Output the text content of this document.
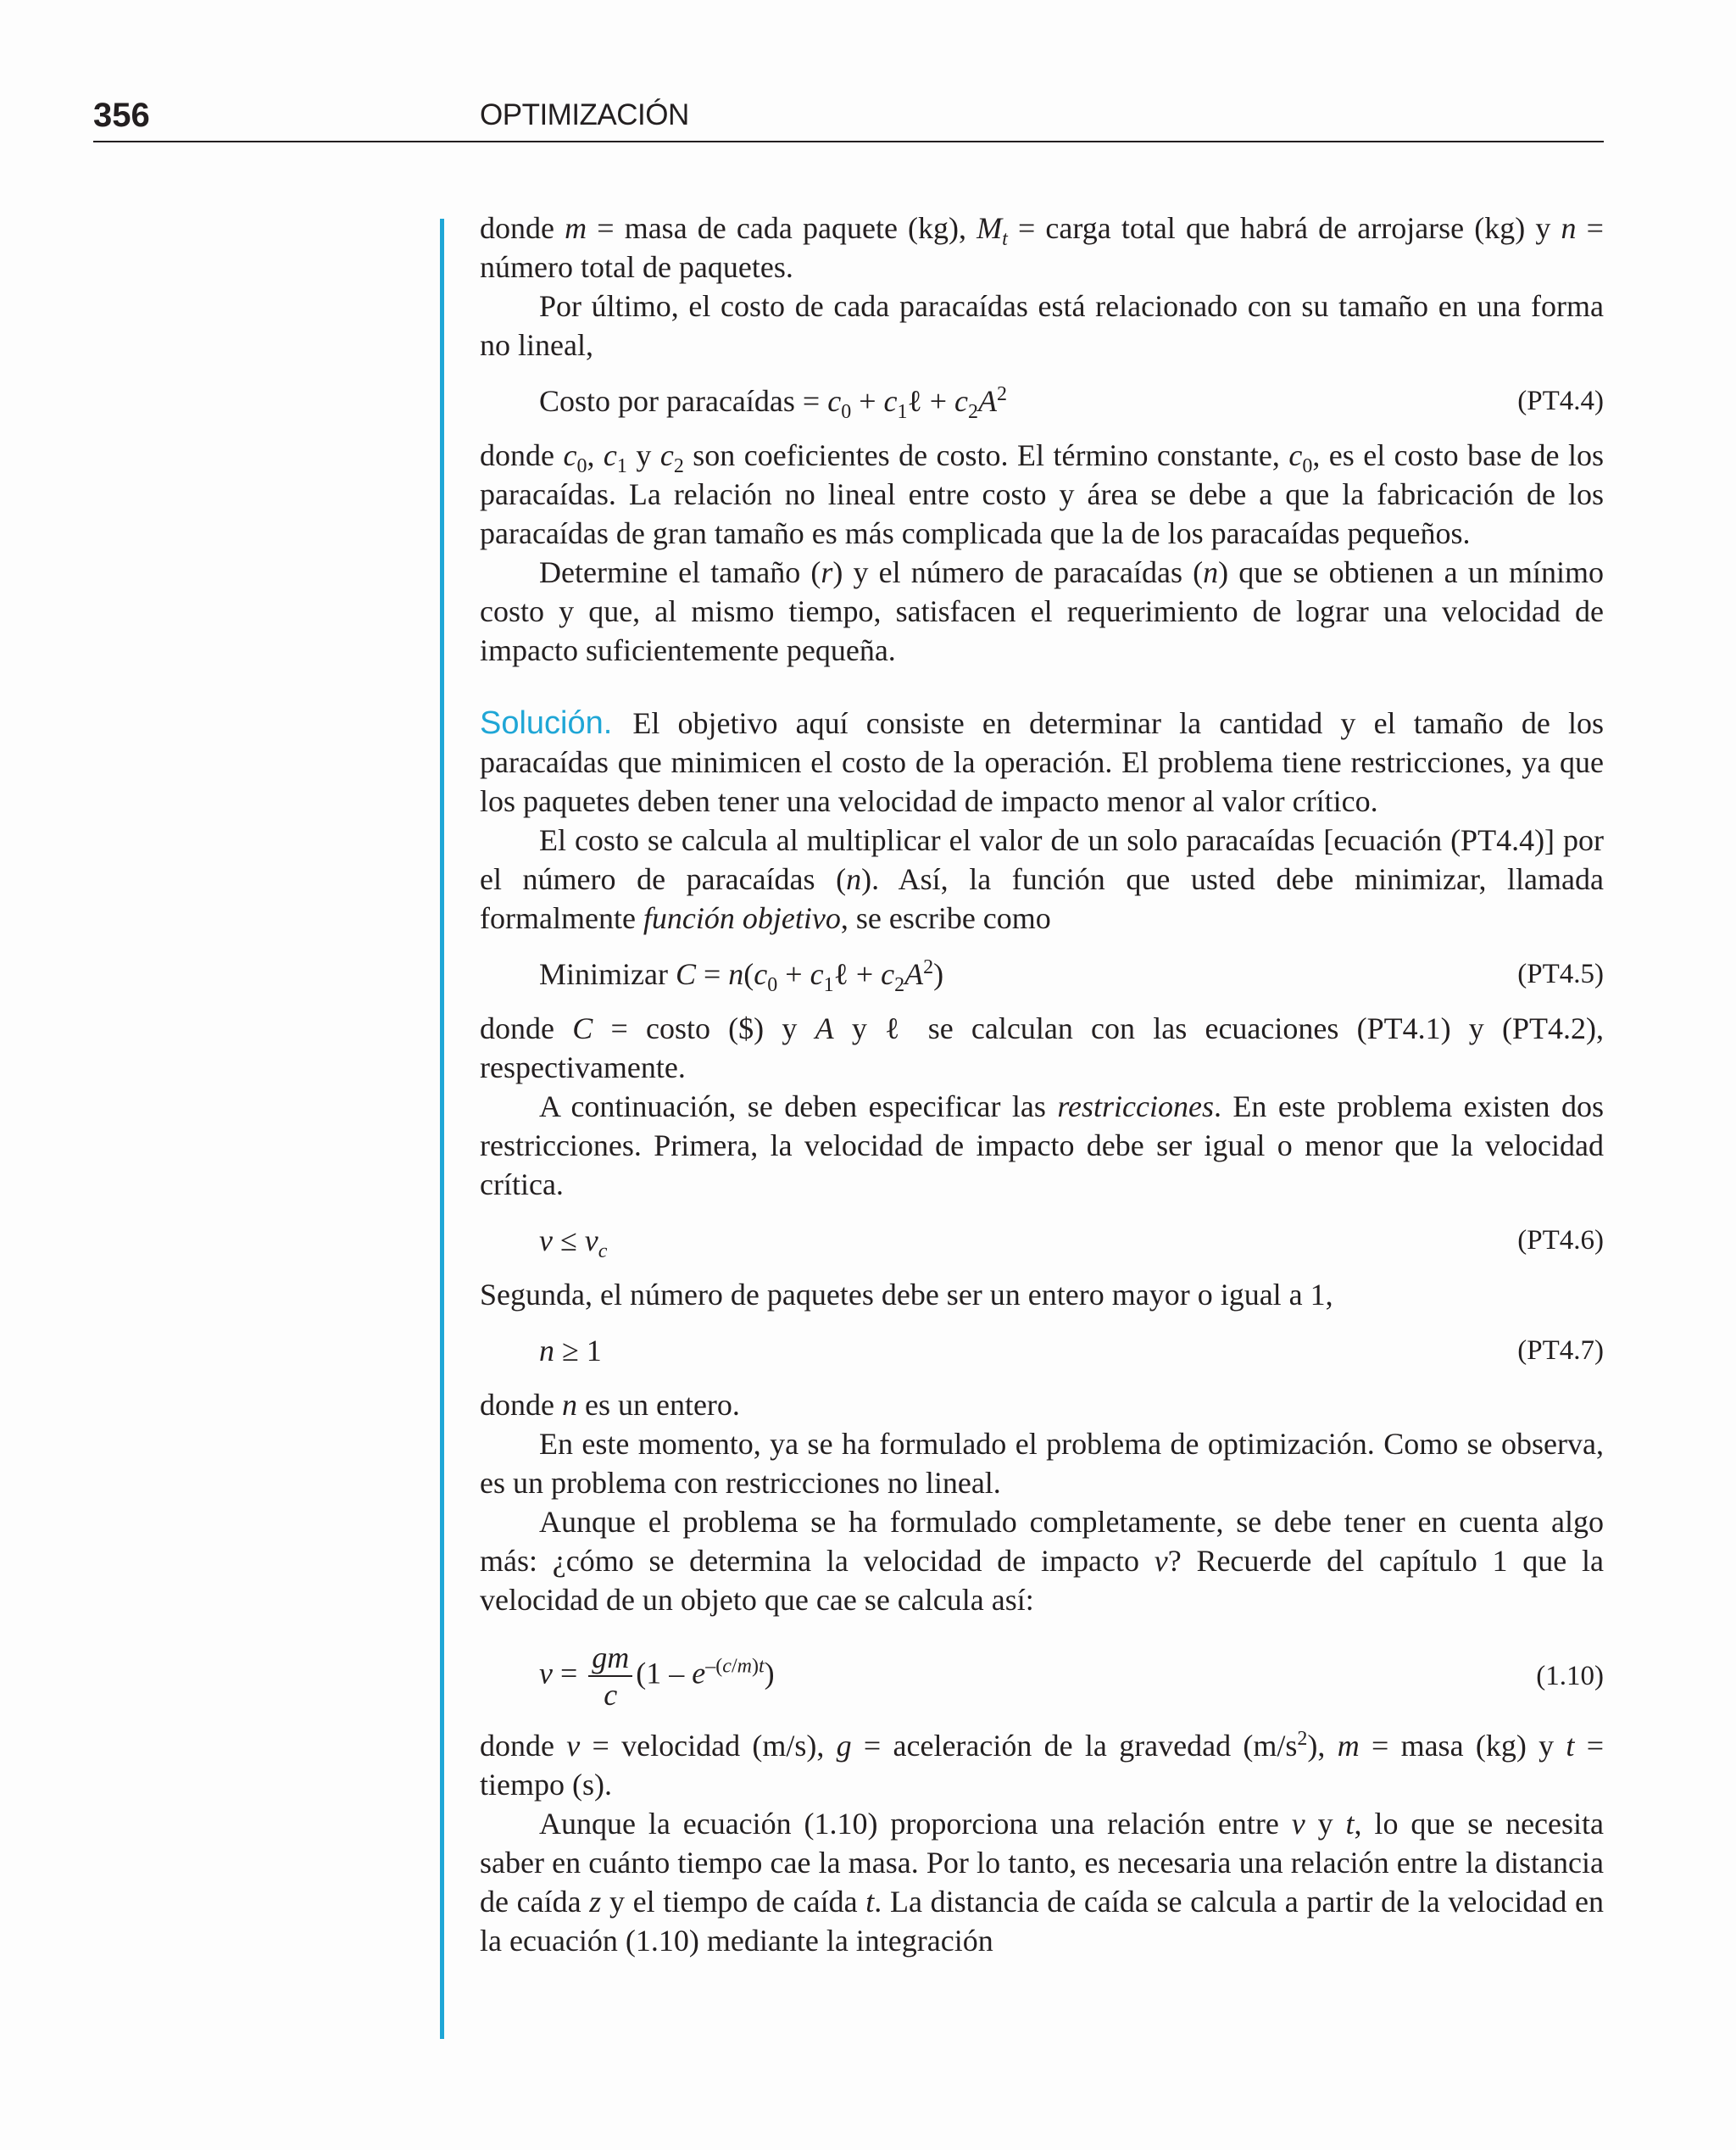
356	OPTIMIZACIÓN

donde m = masa de cada paquete (kg), $M_t$ = carga total que habrá de arrojarse (kg) y n = número total de paquetes.

Por último, el costo de cada paracaídas está relacionado con su tamaño en una forma no lineal,

Costo por paracaídas = $c_0$ + $c_1\ell + c_2A^2$	(PT4.4)

donde $c_0$, $c_1$ y $c_2$ son coeficientes de costo. El término constante, $c_0$, es el costo base de los paracaídas. La relación no lineal entre costo y área se debe a que la fabricación de los paracaídas de gran tamaño es más complicada que la de los paracaídas pequeños.

Determine el tamaño (r) y el número de paracaídas (n) que se obtienen a un mínimo costo y que, al mismo tiempo, satisfacen el requerimiento de lograr una velocidad de impacto suficientemente pequeña.

Solución. El objetivo aquí consiste en determinar la cantidad y el tamaño de los paracaídas que minimicen el costo de la operación. El problema tiene restricciones, ya que los paquetes deben tener una velocidad de impacto menor al valor crítico.

El costo se calcula al multiplicar el valor de un solo paracaídas [ecuación (PT4.4)] por el número de paracaídas (n). Así, la función que usted debe minimizar, llamada formalmente función objetivo, se escribe como

Minimizar $C = n(c_0$ + $c_1\ell + c_2A^2$)	(PT4.5)

donde C = costo ($) y A y ℓ se calculan con las ecuaciones (PT4.1) y (PT4.2), respectivamente.

A continuación, se deben especificar las restricciones. En este problema existen dos restricciones. Primera, la velocidad de impacto debe ser igual o menor que la velocidad crítica.

$v \le v_c$	(PT4.6)

Segunda, el número de paquetes debe ser un entero mayor o igual a 1,

n ≥ 1	(PT4.7)

donde n es un entero.

En este momento, ya se ha formulado el problema de optimización. Como se observa, es un problema con restricciones no lineal.

Aunque el problema se ha formulado completamente, se debe tener en cuenta algo más: ¿cómo se determina la velocidad de impacto v? Recuerde del capítulo 1 que la velocidad de un objeto que cae se calcula así:

$v = \frac{gm}{c} (1 - e^{-(c/m)t})$	(1.10)

donde v = velocidad (m/s), g = aceleración de la gravedad $(m/s^2)$, m = masa (kg) y t = tiempo (s).

Aunque la ecuación (1.10) proporciona una relación entre v y t, lo que se necesita saber en cuánto tiempo cae la masa. Por lo tanto, es necesaria una relación entre la distancia de caída z y el tiempo de caída t. La distancia de caída se calcula a partir de la velocidad en la ecuación (1.10) mediante la integración
